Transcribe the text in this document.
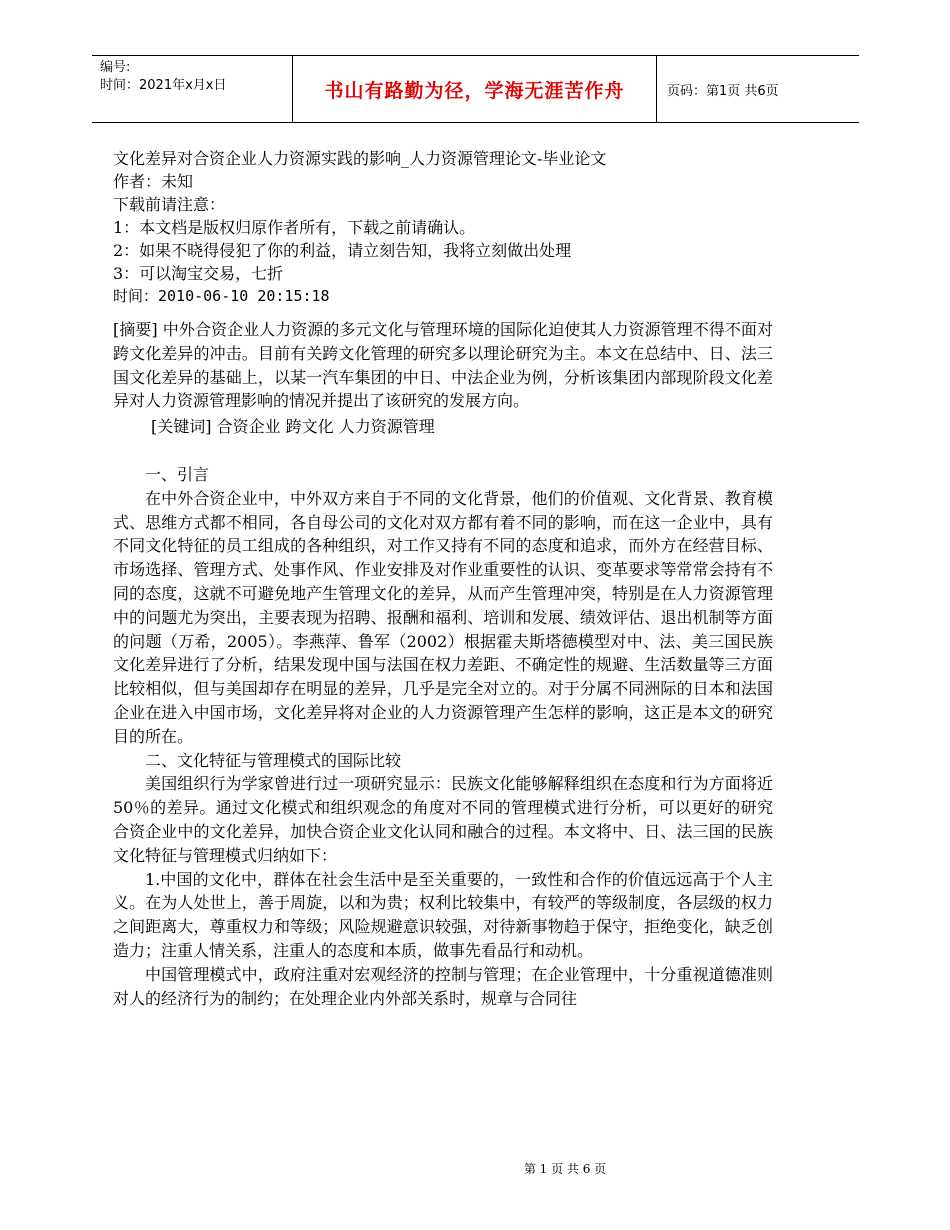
编号:
时间：2021年x月x日	书山有路勤为径，学海无涯苦作舟	页码：第1页 共6页

文化差异对合资企业人力资源实践的影响_人力资源管理论文-毕业论文

作者：未知

下载前请注意：

1：本文档是版权归原作者所有，下载之前请确认。

2：如果不晓得侵犯了你的利益，请立刻告知，我将立刻做出处理

3：可以淘宝交易，七折

时间：2010-06-10 20:15:18

[摘要] 中外合资企业人力资源的多元文化与管理环境的国际化迫使其人力资源管理不得不面对跨文化差异的冲击。目前有关跨文化管理的研究多以理论研究为主。本文在总结中、日、法三国文化差异的基础上，以某一汽车集团的中日、中法企业为例，分析该集团内部现阶段文化差异对人力资源管理影响的情况并提出了该研究的发展方向。

[关键词] 合资企业 跨文化 人力资源管理

一、引言

在中外合资企业中，中外双方来自于不同的文化背景，他们的价值观、文化背景、教育模式、思维方式都不相同，各自母公司的文化对双方都有着不同的影响，而在这一企业中，具有不同文化特征的员工组成的各种组织，对工作又持有不同的态度和追求，而外方在经营目标、市场选择、管理方式、处事作风、作业安排及对作业重要性的认识、变革要求等常常会持有不同的态度，这就不可避免地产生管理文化的差异，从而产生管理冲突，特别是在人力资源管理中的问题尤为突出，主要表现为招聘、报酬和福利、培训和发展、绩效评估、退出机制等方面的问题（万希，2005）。李燕萍、鲁军（2002）根据霍夫斯塔德模型对中、法、美三国民族文化差异进行了分析，结果发现中国与法国在权力差距、不确定性的规避、生活数量等三方面比较相似，但与美国却存在明显的差异，几乎是完全对立的。对于分属不同洲际的日本和法国企业在进入中国市场，文化差异将对企业的人力资源管理产生怎样的影响，这正是本文的研究目的所在。

二、文化特征与管理模式的国际比较

美国组织行为学家曾进行过一项研究显示：民族文化能够解释组织在态度和行为方面将近50％的差异。通过文化模式和组织观念的角度对不同的管理模式进行分析，可以更好的研究合资企业中的文化差异，加快合资企业文化认同和融合的过程。本文将中、日、法三国的民族文化特征与管理模式归纳如下：

1.中国的文化中，群体在社会生活中是至关重要的，一致性和合作的价值远远高于个人主义。在为人处世上，善于周旋，以和为贵；权利比较集中，有较严的等级制度，各层级的权力之间距离大，尊重权力和等级；风险规避意识较强，对待新事物趋于保守，拒绝变化，缺乏创造力；注重人情关系，注重人的态度和本质，做事先看品行和动机。

中国管理模式中，政府注重对宏观经济的控制与管理；在企业管理中，十分重视道德准则对人的经济行为的制约；在处理企业内外部关系时，规章与合同往

第 1 页 共 6 页
